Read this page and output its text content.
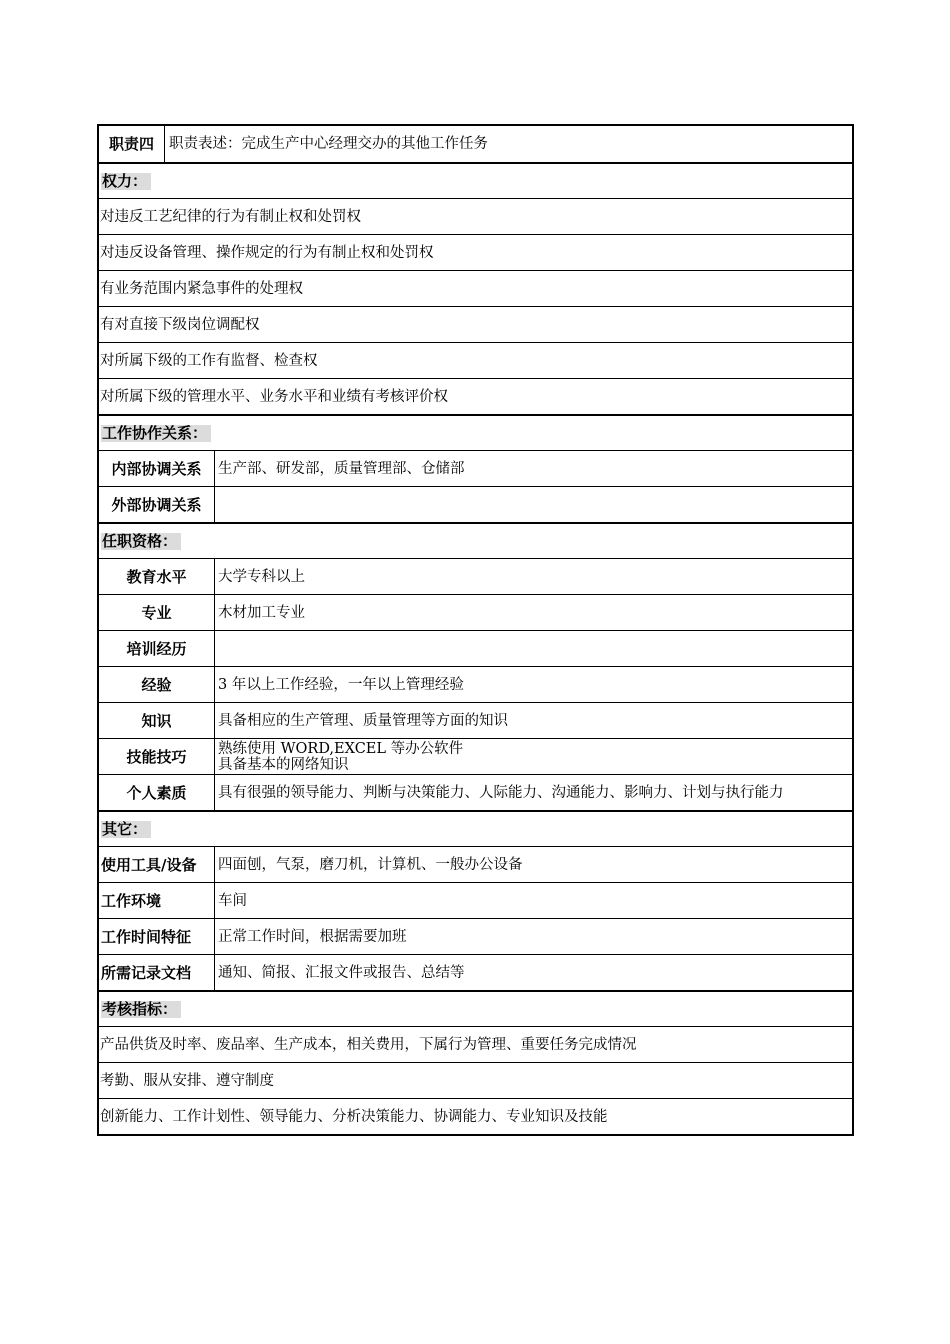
职责四	职责表述：完成生产中心经理交办的其他工作任务
权力：
对违反工艺纪律的行为有制止权和处罚权
对违反设备管理、操作规定的行为有制止权和处罚权
有业务范围内紧急事件的处理权
有对直接下级岗位调配权
对所属下级的工作有监督、检查权
对所属下级的管理水平、业务水平和业绩有考核评价权
工作协作关系：
内部协调关系	生产部、研发部，质量管理部、仓储部
外部协调关系
任职资格：
教育水平	大学专科以上
专业	木材加工专业
培训经历
经验	3 年以上工作经验，一年以上管理经验
知识	具备相应的生产管理、质量管理等方面的知识
技能技巧	熟练使用 WORD,EXCEL 等办公软件
具备基本的网络知识
个人素质	具有很强的领导能力、判断与决策能力、人际能力、沟通能力、影响力、计划与执行能力
其它：
使用工具/设备	四面刨，气泵，磨刀机，计算机、一般办公设备
工作环境	车间
工作时间特征	正常工作时间，根据需要加班
所需记录文档	通知、简报、汇报文件或报告、总结等
考核指标：
产品供货及时率、废品率、生产成本，相关费用，下属行为管理、重要任务完成情况
考勤、服从安排、遵守制度
创新能力、工作计划性、领导能力、分析决策能力、协调能力、专业知识及技能
